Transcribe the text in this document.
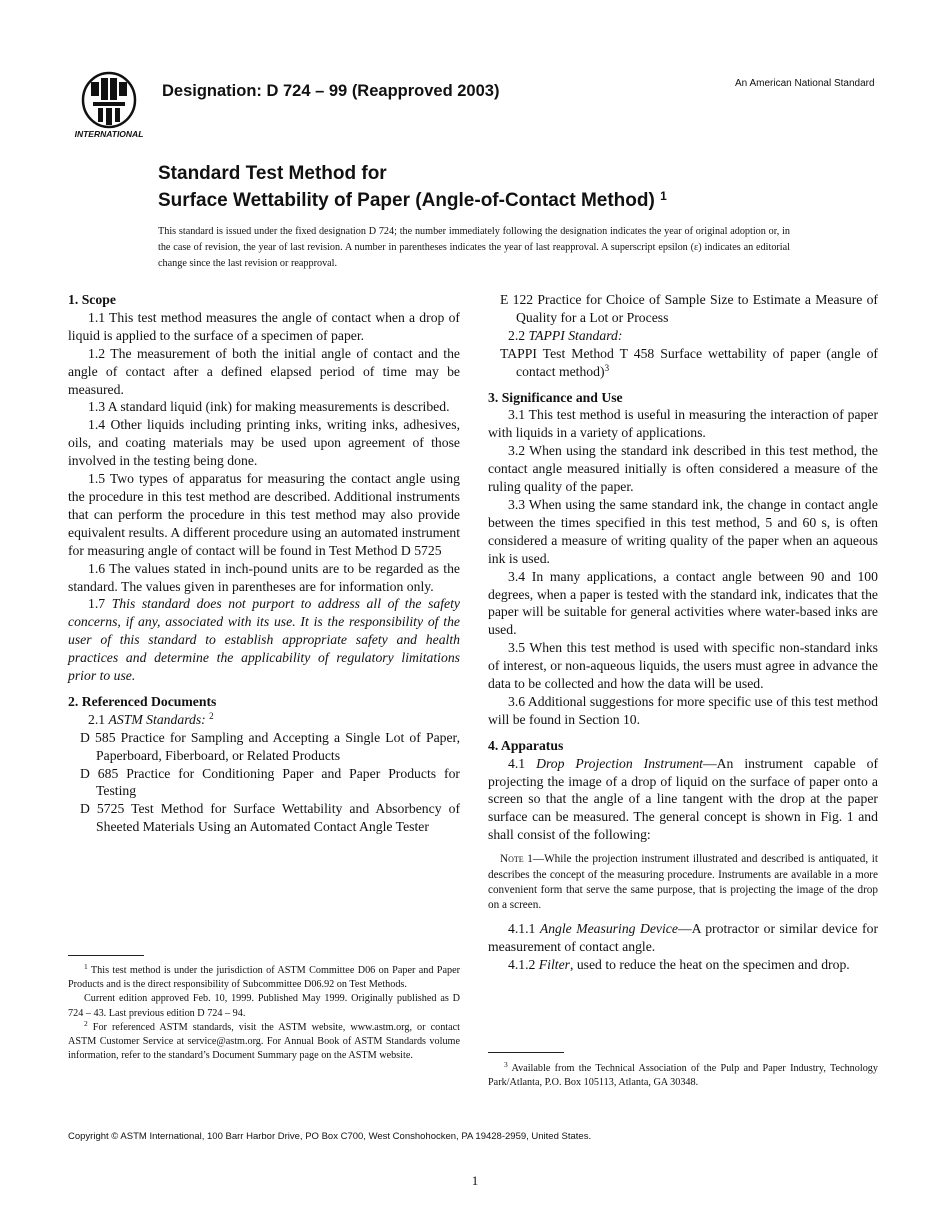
INTERNATIONAL
Designation: D 724 – 99 (Reapproved 2003)	An American National Standard
Standard Test Method for
Surface Wettability of Paper (Angle-of-Contact Method) $^1$
This standard is issued under the fixed designation D 724; the number immediately following the designation indicates the year of original adoption or, in the case of revision, the year of last revision. A number in parentheses indicates the year of last reapproval. A superscript epsilon (ε) indicates an editorial change since the last revision or reapproval.

1. Scope

1.1 This test method measures the angle of contact when a drop of liquid is applied to the surface of a specimen of paper.

1.2 The measurement of both the initial angle of contact and the angle of contact after a defined elapsed period of time may be measured.

1.3 A standard liquid (ink) for making measurements is described.

1.4 Other liquids including printing inks, writing inks, adhesives, oils, and coating materials may be used upon agreement of those involved in the testing being done.

1.5 Two types of apparatus for measuring the contact angle using the procedure in this test method are described. Additional instruments that can perform the procedure in this test method may also provide equivalent results. A different procedure using an automated instrument for measuring angle of contact will be found in Test Method D 5725

1.6 The values stated in inch-pound units are to be regarded as the standard. The values given in parentheses are for information only.

1.7 This standard does not purport to address all of the safety concerns, if any, associated with its use. It is the responsibility of the user of this standard to establish appropriate safety and health practices and determine the applicability of regulatory limitations prior to use.

2. Referenced Documents

2.1 ASTM Standards: $^2$

D 585 Practice for Sampling and Accepting a Single Lot of Paper, Paperboard, Fiberboard, or Related Products

D 685 Practice for Conditioning Paper and Paper Products for Testing

D 5725 Test Method for Surface Wettability and Absorbency of Sheeted Materials Using an Automated Contact Angle Tester

$^1$ This test method is under the jurisdiction of ASTM Committee D06 on Paper and Paper Products and is the direct responsibility of Subcommittee D06.92 on Test Methods.

Current edition approved Feb. 10, 1999. Published May 1999. Originally published as D 724 – 43. Last previous edition D 724 – 94.

$^2$ For referenced ASTM standards, visit the ASTM website, www.astm.org, or contact ASTM Customer Service at service@astm.org. For Annual Book of ASTM Standards volume information, refer to the standard’s Document Summary page on the ASTM website.

E 122 Practice for Choice of Sample Size to Estimate a Measure of Quality for a Lot or Process

2.2 TAPPI Standard:

TAPPI Test Method T 458 Surface wettability of paper (angle of contact method)$^3$

3. Significance and Use

3.1 This test method is useful in measuring the interaction of paper with liquids in a variety of applications.

3.2 When using the standard ink described in this test method, the contact angle measured initially is often considered a measure of the ruling quality of the paper.

3.3 When using the same standard ink, the change in contact angle between the times specified in this test method, 5 and 60 s, is often considered a measure of writing quality of the paper when an aqueous ink is used.

3.4 In many applications, a contact angle between 90 and 100 degrees, when a paper is tested with the standard ink, indicates that the paper will be suitable for general activities where water-based inks are used.

3.5 When this test method is used with specific non-standard inks of interest, or non-aqueous liquids, the users must agree in advance the data to be collected and how the data will be used.

3.6 Additional suggestions for more specific use of this test method will be found in Section 10.

4. Apparatus

4.1 Drop Projection Instrument—An instrument capable of projecting the image of a drop of liquid on the surface of paper onto a screen so that the angle of a line tangent with the drop at the paper surface can be measured. The general concept is shown in Fig. 1 and shall consist of the following:

Note 1—While the projection instrument illustrated and described is antiquated, it describes the concept of the measuring procedure. Instruments are available in a more convenient form that serve the same purpose, that is projecting the image of the drop on a screen.

4.1.1 Angle Measuring Device—A protractor or similar device for measurement of contact angle.

4.1.2 Filter, used to reduce the heat on the specimen and drop.

$^3$ Available from the Technical Association of the Pulp and Paper Industry, Technology Park/Atlanta, P.O. Box 105113, Atlanta, GA 30348.

Copyright © ASTM International, 100 Barr Harbor Drive, PO Box C700, West Conshohocken, PA 19428-2959, United States.
1
